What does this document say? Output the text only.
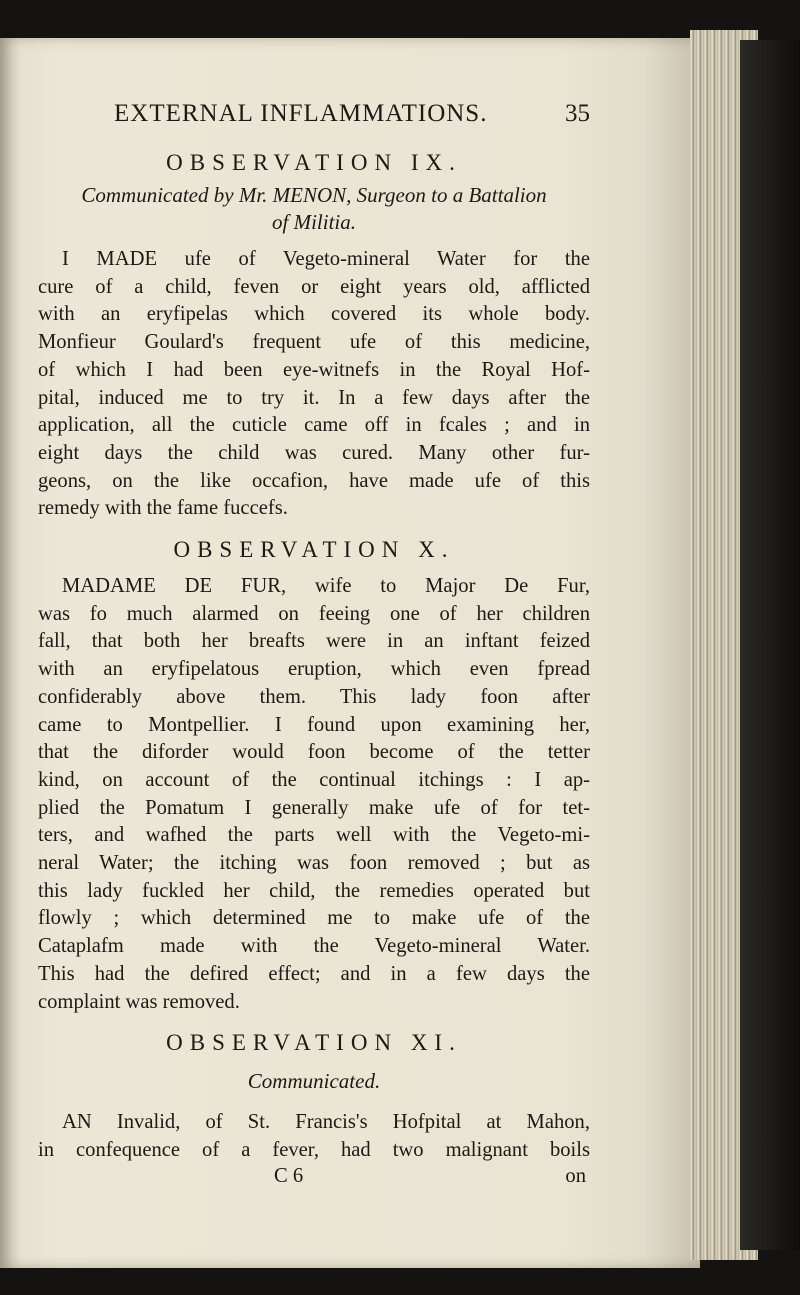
EXTERNAL INFLAMMATIONS.	35

OBSERVATION IX.

Communicated by Mr. MENON, Surgeon to a Battalion
of Militia.

I MADE ufe of Vegeto-mineral Water for the
cure of a child, feven or eight years old, afflicted
with an eryfipelas which covered its whole body.
Monfieur Goulard's frequent ufe of this medicine,
of which I had been eye-witnefs in the Royal Hof-
pital, induced me to try it. In a few days after the
application, all the cuticle came off in fcales ; and in
eight days the child was cured. Many other fur-
geons, on the like occafion, have made ufe of this
remedy with the fame fuccefs.

OBSERVATION X.

MADAME DE FUR, wife to Major De Fur,
was fo much alarmed on feeing one of her children
fall, that both her breafts were in an inftant feized
with an eryfipelatous eruption, which even fpread
confiderably above them. This lady foon after
came to Montpellier. I found upon examining her,
that the diforder would foon become of the tetter
kind, on account of the continual itchings : I ap-
plied the Pomatum I generally make ufe of for tet-
ters, and wafhed the parts well with the Vegeto-mi-
neral Water; the itching was foon removed ; but as
this lady fuckled her child, the remedies operated but
flowly ; which determined me to make ufe of the
Cataplafm made with the Vegeto-mineral Water.
This had the defired effect; and in a few days the
complaint was removed.

OBSERVATION XI.

Communicated.

AN Invalid, of St. Francis's Hofpital at Mahon,
in confequence of a fever, had two malignant boils
C 6	on
